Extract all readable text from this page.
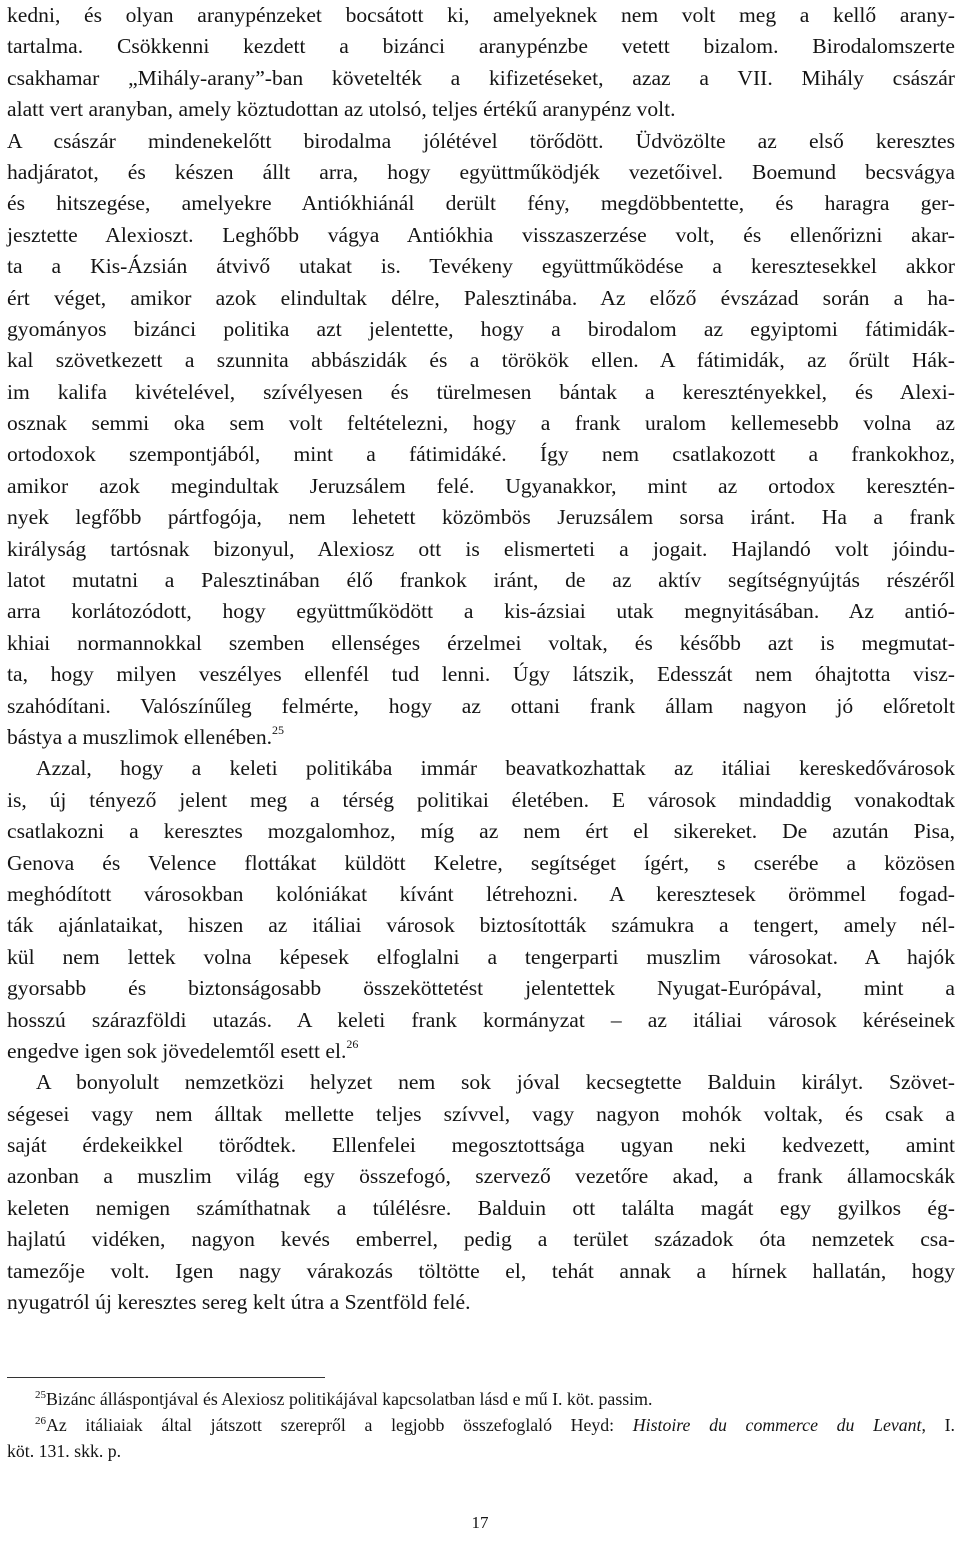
kedni, és olyan aranypénzeket bocsátott ki, amelyeknek nem volt meg a kellő arany-
tartalma. Csökkenni kezdett a bizánci aranypénzbe vetett bizalom. Birodalomszerte
csakhamar „Mihály-arany”-ban követelték a kifizetéseket, azaz a VII. Mihály császár
alatt vert aranyban, amely köztudottan az utolsó, teljes értékű aranypénz volt.
A császár mindenekelőtt birodalma jólétével törődött. Üdvözölte az első keresztes
hadjáratot, és készen állt arra, hogy együttműködjék vezetőivel. Boemund becsvágya
és hitszegése, amelyekre Antiókhiánál derült fény, megdöbbentette, és haragra ger-
jesztette Alexioszt. Leghőbb vágya Antiókhia visszaszerzése volt, és ellenőrizni akar-
ta a Kis-Ázsián átvivő utakat is. Tevékeny együttműködése a keresztesekkel akkor
ért véget, amikor azok elindultak délre, Palesztinába. Az előző évszázad során a ha-
gyományos bizánci politika azt jelentette, hogy a birodalom az egyiptomi fátimidák-
kal szövetkezett a szunnita abbászidák és a törökök ellen. A fátimidák, az őrült Hák-
im kalifa kivételével, szívélyesen és türelmesen bántak a keresztényekkel, és Alexi-
osznak semmi oka sem volt feltételezni, hogy a frank uralom kellemesebb volna az
ortodoxok szempontjából, mint a fátimidáké. Így nem csatlakozott a frankokhoz,
amikor azok megindultak Jeruzsálem felé. Ugyanakkor, mint az ortodox keresztén-
nyek legfőbb pártfogója, nem lehetett közömbös Jeruzsálem sorsa iránt. Ha a frank
királyság tartósnak bizonyul, Alexiosz ott is elismerteti a jogait. Hajlandó volt jóindu-
latot mutatni a Palesztinában élő frankok iránt, de az aktív segítségnyújtás részéről
arra korlátozódott, hogy együttműködött a kis-ázsiai utak megnyitásában. Az antió-
khiai normannokkal szemben ellenséges érzelmei voltak, és később azt is megmutat-
ta, hogy milyen veszélyes ellenfél tud lenni. Úgy látszik, Edesszát nem óhajtotta visz-
szahódítani. Valószínűleg felmérte, hogy az ottani frank állam nagyon jó előretolt
bástya a muszlimok ellenében.$^{25}$
Azzal, hogy a keleti politikába immár beavatkozhattak az itáliai kereskedővárosok
is, új tényező jelent meg a térség politikai életében. E városok mindaddig vonakodtak
csatlakozni a keresztes mozgalomhoz, míg az nem ért el sikereket. De azután Pisa,
Genova és Velence flottákat küldött Keletre, segítséget ígért, s cserébe a közösen
meghódított városokban kolóniákat kívánt létrehozni. A keresztesek örömmel fogad-
ták ajánlataikat, hiszen az itáliai városok biztosították számukra a tengert, amely nél-
kül nem lettek volna képesek elfoglalni a tengerparti muszlim városokat. A hajók
gyorsabb és biztonságosabb összeköttetést jelentettek Nyugat-Európával, mint a
hosszú szárazföldi utazás. A keleti frank kormányzat – az itáliai városok kéréseinek
engedve igen sok jövedelemtől esett el.$^{26}$
A bonyolult nemzetközi helyzet nem sok jóval kecsegtette Balduin királyt. Szövet-
ségesei vagy nem álltak mellette teljes szívvel, vagy nagyon mohók voltak, és csak a
saját érdekeikkel törődtek. Ellenfelei megosztottsága ugyan neki kedvezett, amint
azonban a muszlim világ egy összefogó, szervező vezetőre akad, a frank államocskák
keleten nemigen számíthatnak a túlélésre. Balduin ott találta magát egy gyilkos ég-
hajlatú vidéken, nagyon kevés emberrel, pedig a terület századok óta nemzetek csa-
tamezője volt. Igen nagy várakozás töltötte el, tehát annak a hírnek hallatán, hogy
nyugatról új keresztes sereg kelt útra a Szentföld felé.
$^{25}$Bizánc álláspontjával és Alexiosz politikájával kapcsolatban lásd e mű I. köt. passim.
$^{26}$Az itáliaiak által játszott szerepről a legjobb összefoglaló Heyd: Histoire du commerce du Levant, I.
köt. 131. skk. p.
17
